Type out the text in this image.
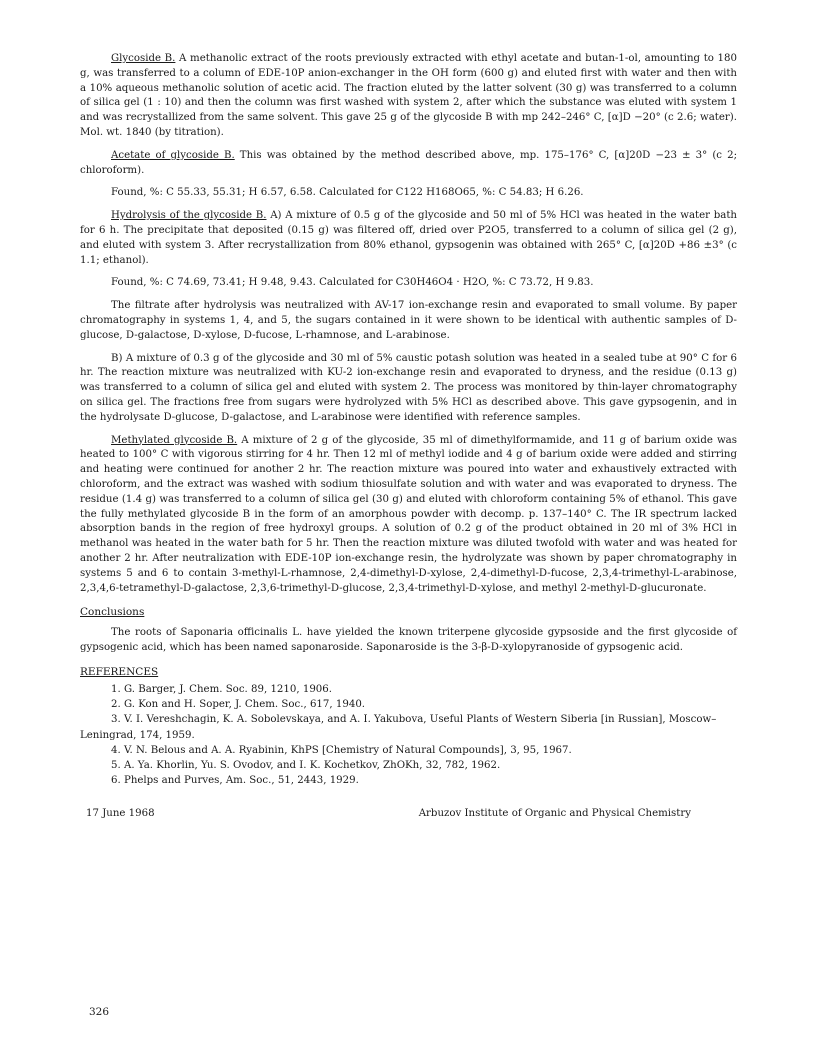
Glycoside B. A methanolic extract of the roots previously extracted with ethyl acetate and butan-1-ol, amounting to 180 g, was transferred to a column of EDE-10P anion-exchanger in the OH form (600 g) and eluted first with water and then with a 10% aqueous methanolic solution of acetic acid. The fraction eluted by the latter solvent (30 g) was transferred to a column of silica gel (1 : 10) and then the column was first washed with system 2, after which the substance was eluted with system 1 and was recrystallized from the same solvent. This gave 25 g of the glycoside B with mp 242–246° C, [α]D −20° (c 2.6; water). Mol. wt. 1840 (by titration).

Acetate of glycoside B. This was obtained by the method described above, mp. 175–176° C, [α]20D −23 ± 3° (c 2; chloroform).

Found, %: C 55.33, 55.31; H 6.57, 6.58. Calculated for C122 H168O65, %: C 54.83; H 6.26.

Hydrolysis of the glycoside B. A) A mixture of 0.5 g of the glycoside and 50 ml of 5% HCl was heated in the water bath for 6 h. The precipitate that deposited (0.15 g) was filtered off, dried over P2O5, transferred to a column of silica gel (2 g), and eluted with system 3. After recrystallization from 80% ethanol, gypsogenin was obtained with 265° C, [α]20D +86 ±3° (c 1.1; ethanol).

Found, %: C 74.69, 73.41; H 9.48, 9.43. Calculated for C30H46O4 · H2O, %: C 73.72, H 9.83.

The filtrate after hydrolysis was neutralized with AV-17 ion-exchange resin and evaporated to small volume. By paper chromatography in systems 1, 4, and 5, the sugars contained in it were shown to be identical with authentic samples of D-glucose, D-galactose, D-xylose, D-fucose, L-rhamnose, and L-arabinose.

B) A mixture of 0.3 g of the glycoside and 30 ml of 5% caustic potash solution was heated in a sealed tube at 90° C for 6 hr. The reaction mixture was neutralized with KU-2 ion-exchange resin and evaporated to dryness, and the residue (0.13 g) was transferred to a column of silica gel and eluted with system 2. The process was monitored by thin-layer chromatography on silica gel. The fractions free from sugars were hydrolyzed with 5% HCl as described above. This gave gypsogenin, and in the hydrolysate D-glucose, D-galactose, and L-arabinose were identified with reference samples.

Methylated glycoside B. A mixture of 2 g of the glycoside, 35 ml of dimethylformamide, and 11 g of barium oxide was heated to 100° C with vigorous stirring for 4 hr. Then 12 ml of methyl iodide and 4 g of barium oxide were added and stirring and heating were continued for another 2 hr. The reaction mixture was poured into water and exhaustively extracted with chloroform, and the extract was washed with sodium thiosulfate solution and with water and was evaporated to dryness. The residue (1.4 g) was transferred to a column of silica gel (30 g) and eluted with chloroform containing 5% of ethanol. This gave the fully methylated glycoside B in the form of an amorphous powder with decomp. p. 137–140° C. The IR spectrum lacked absorption bands in the region of free hydroxyl groups. A solution of 0.2 g of the product obtained in 20 ml of 3% HCl in methanol was heated in the water bath for 5 hr. Then the reaction mixture was diluted twofold with water and was heated for another 2 hr. After neutralization with EDE-10P ion-exchange resin, the hydrolyzate was shown by paper chromatography in systems 5 and 6 to contain 3-methyl-L-rhamnose, 2,4-dimethyl-D-xylose, 2,4-dimethyl-D-fucose, 2,3,4-trimethyl-L-arabinose, 2,3,4,6-tetramethyl-D-galactose, 2,3,6-trimethyl-D-glucose, 2,3,4-trimethyl-D-xylose, and methyl 2-methyl-D-glucuronate.

Conclusions

The roots of Saponaria officinalis L. have yielded the known triterpene glycoside gypsoside and the first glycoside of gypsogenic acid, which has been named saponaroside. Saponaroside is the 3-β-D-xylopyranoside of gypsogenic acid.

REFERENCES
1. G. Barger, J. Chem. Soc. 89, 1210, 1906.
2. G. Kon and H. Soper, J. Chem. Soc., 617, 1940.
3. V. I. Vereshchagin, K. A. Sobolevskaya, and A. I. Yakubova, Useful Plants of Western Siberia [in Russian], Moscow–Leningrad, 174, 1959.
4. V. N. Belous and A. A. Ryabinin, KhPS [Chemistry of Natural Compounds], 3, 95, 1967.
5. A. Ya. Khorlin, Yu. S. Ovodov, and I. K. Kochetkov, ZhOKh, 32, 782, 1962.
6. Phelps and Purves, Am. Soc., 51, 2443, 1929.
17 June 1968	Arbuzov Institute of Organic and Physical Chemistry
326
